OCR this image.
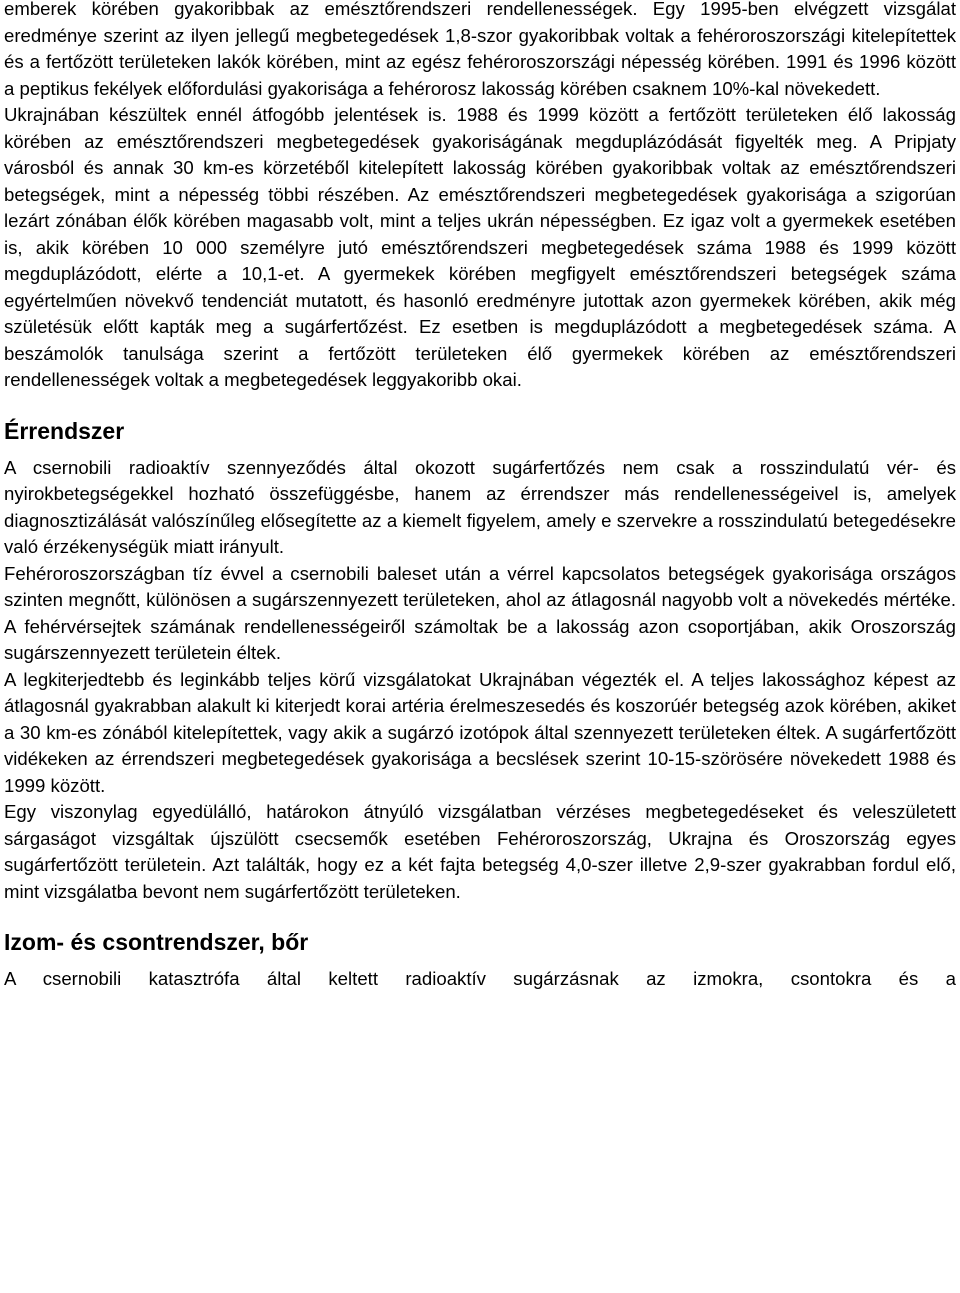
emberek körében gyakoribbak az emésztőrendszeri rendellenességek. Egy 1995-ben elvégzett vizsgálat eredménye szerint az ilyen jellegű megbetegedések 1,8-szor gyakoribbak voltak a fehéroroszországi kitelepítettek és a fertőzött területeken lakók körében, mint az egész fehéroroszországi népesség körében. 1991 és 1996 között a peptikus fekélyek előfordulási gyakorisága a fehérorosz lakosság körében csaknem 10%-kal növekedett.

Ukrajnában készültek ennél átfogóbb jelentések is. 1988 és 1999 között a fertőzött területeken élő lakosság körében az emésztőrendszeri megbetegedések gyakoriságának megduplázódását figyelték meg. A Pripjaty városból és annak 30 km-es körzetéből kitelepített lakosság körében gyakoribbak voltak az emésztőrendszeri betegségek, mint a népesség többi részében. Az emésztőrendszeri megbetegedések gyakorisága a szigorúan lezárt zónában élők körében magasabb volt, mint a teljes ukrán népességben. Ez igaz volt a gyermekek esetében is, akik körében 10 000 személyre jutó emésztőrendszeri megbetegedések száma 1988 és 1999 között megduplázódott, elérte a 10,1-et. A gyermekek körében megfigyelt emésztőrendszeri betegségek száma egyértelműen növekvő tendenciát mutatott, és hasonló eredményre jutottak azon gyermekek körében, akik még születésük előtt kapták meg a sugárfertőzést. Ez esetben is megduplázódott a megbetegedések száma. A beszámolók tanulsága szerint a fertőzött területeken élő gyermekek körében az emésztőrendszeri rendellenességek voltak a megbetegedések leggyakoribb okai.

Érrendszer

A csernobili radioaktív szennyeződés által okozott sugárfertőzés nem csak a rosszindulatú vér- és nyirokbetegségekkel hozható összefüggésbe, hanem az érrendszer más rendellenességeivel is, amelyek diagnosztizálását valószínűleg elősegítette az a kiemelt figyelem, amely e szervekre a rosszindulatú betegedésekre való érzékenységük miatt irányult.

Fehéroroszországban tíz évvel a csernobili baleset után a vérrel kapcsolatos betegségek gyakorisága országos szinten megnőtt, különösen a sugárszennyezett területeken, ahol az átlagosnál nagyobb volt a növekedés mértéke. A fehérvérsejtek számának rendellenességeiről számoltak be a lakosság azon csoportjában, akik Oroszország sugárszennyezett területein éltek.

A legkiterjedtebb és leginkább teljes körű vizsgálatokat Ukrajnában végezték el. A teljes lakossághoz képest az átlagosnál gyakrabban alakult ki kiterjedt korai artéria érelmeszesedés és koszorúér betegség azok körében, akiket a 30 km-es zónából kitelepítettek, vagy akik a sugárzó izotópok által szennyezett területeken éltek. A sugárfertőzött vidékeken az érrendszeri megbetegedések gyakorisága a becslések szerint 10-15-szörösére növekedett 1988 és 1999 között.

Egy viszonylag egyedülálló, határokon átnyúló vizsgálatban vérzéses megbetegedéseket és veleszületett sárgaságot vizsgáltak újszülött csecsemők esetében Fehéroroszország, Ukrajna és Oroszország egyes sugárfertőzött területein. Azt találták, hogy ez a két fajta betegség 4,0-szer illetve 2,9-szer gyakrabban fordul elő, mint vizsgálatba bevont nem sugárfertőzött területeken.

Izom- és csontrendszer, bőr

A csernobili katasztrófa által keltett radioaktív sugárzásnak az izmokra, csontokra és a
